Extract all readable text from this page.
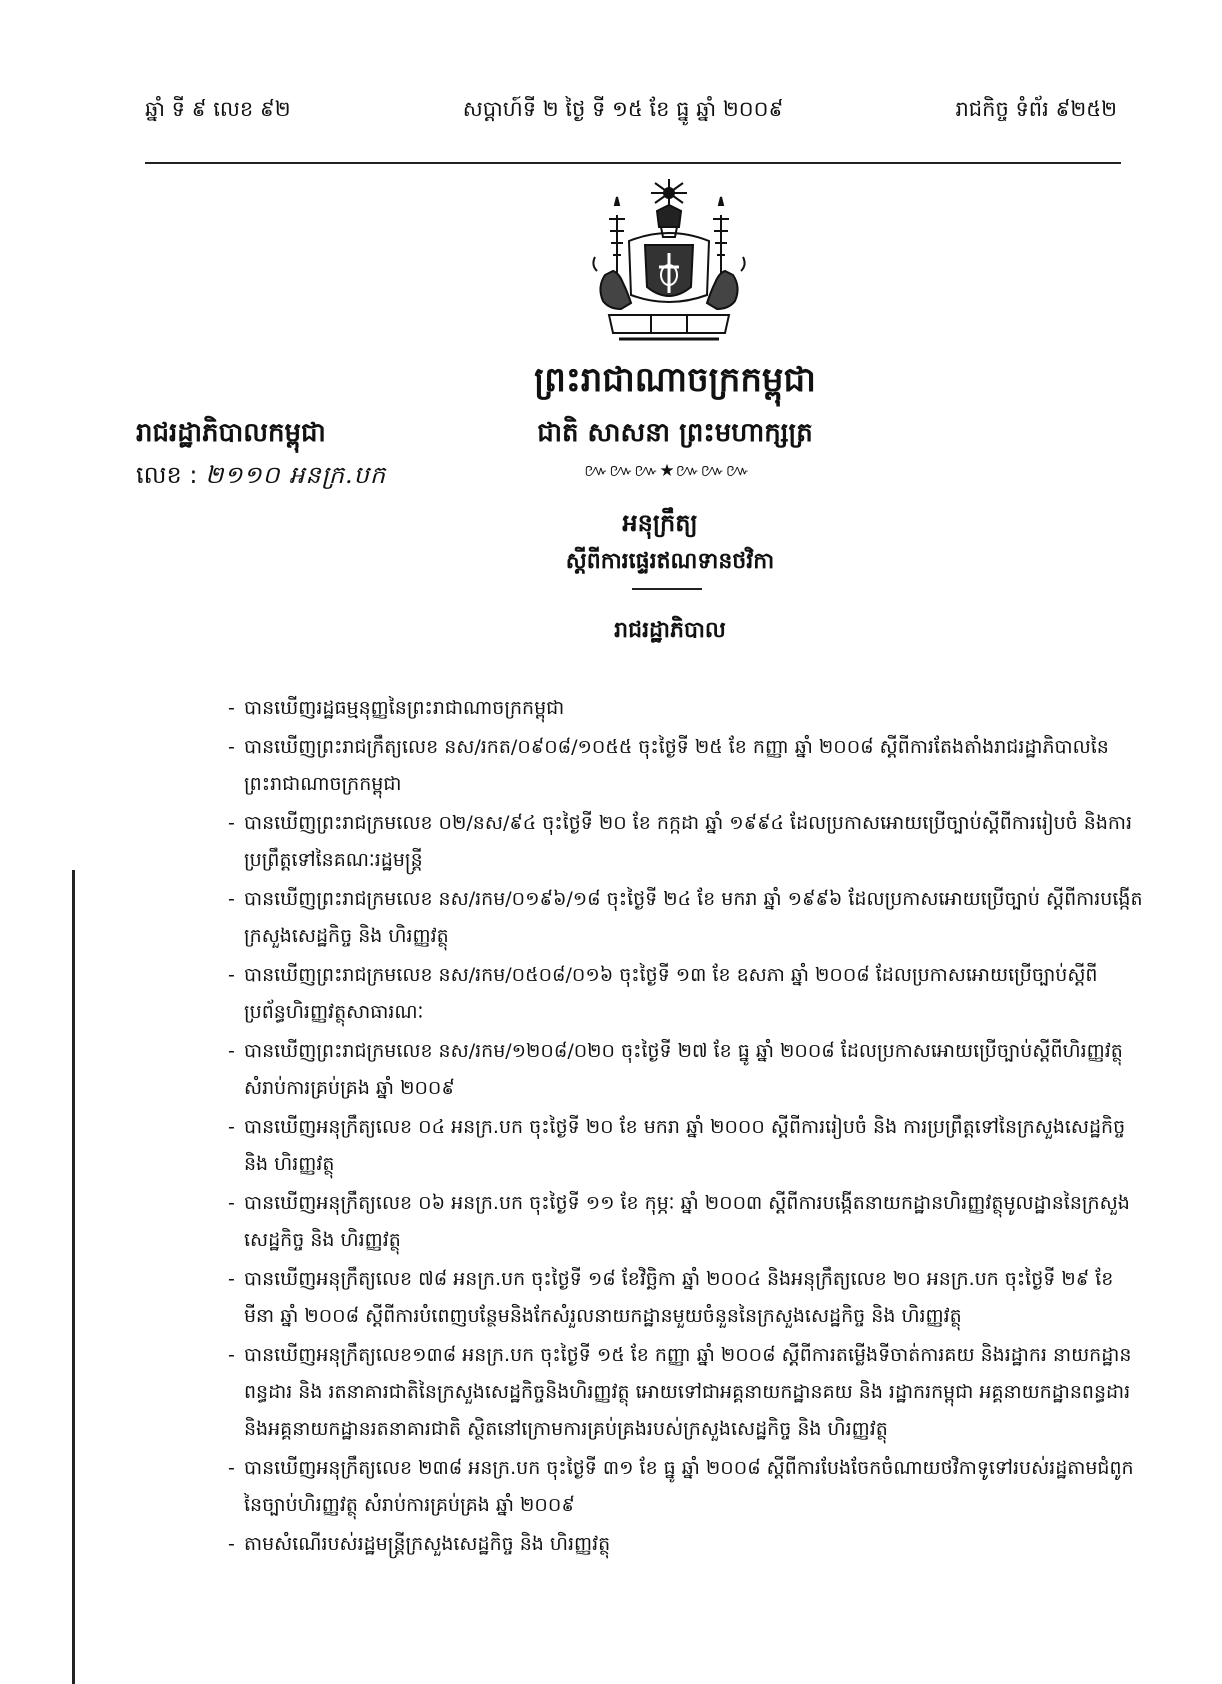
ឆ្នាំ ទី ៩ លេខ ៩២	សប្តាហ៍ទី ២ ថ្ងៃ ទី ១៥ ខែ ធ្នូ ឆ្នាំ ២០០៩	រាជកិច្ច ទំព័រ ៩២៥២
ព្រះរាជាណាចក្រកម្ពុជា
ជាតិ សាសនា ព្រះមហាក្សត្រ
៚៚៚★៚៚៚
រាជរដ្ឋាភិបាលកម្ពុជា
លេខ : ២១១០ អនក្រ.បក
អនុក្រឹត្យ
ស្តីពីការផ្ទេរឥណទានថវិកា
រាជរដ្ឋាភិបាល
- បានឃើញរដ្ឋធម្មនុញ្ញនៃព្រះរាជាណាចក្រកម្ពុជា
- បានឃើញព្រះរាជក្រឹត្យលេខ នស/រកត/០៩០៨/១០៥៥ ចុះថ្ងៃទី ២៥ ខែ កញ្ញា ឆ្នាំ ២០០៨ ស្តីពីការតែងតាំងរាជរដ្ឋាភិបាលនៃព្រះរាជាណាចក្រកម្ពុជា
- បានឃើញព្រះរាជក្រមលេខ ០២/នស/៩៤ ចុះថ្ងៃទី ២០ ខែ កក្កដា ឆ្នាំ ១៩៩៤ ដែលប្រកាសអោយប្រើច្បាប់ស្តីពីការរៀបចំ និងការប្រព្រឹត្តទៅនៃគណៈរដ្ឋមន្ត្រី
- បានឃើញព្រះរាជក្រមលេខ នស/រកម/០១៩៦/១៨ ចុះថ្ងៃទី ២៤ ខែ មករា ឆ្នាំ ១៩៩៦ ដែលប្រកាសអោយប្រើច្បាប់ ស្តីពីការបង្កើតក្រសួងសេដ្ឋកិច្ច និង ហិរញ្ញវត្ថុ
- បានឃើញព្រះរាជក្រមលេខ នស/រកម/០៥០៨/០១៦ ចុះថ្ងៃទី ១៣ ខែ ឧសភា ឆ្នាំ ២០០៨ ដែលប្រកាសអោយប្រើច្បាប់ស្តីពីប្រព័ន្ធហិរញ្ញវត្ថុសាធារណៈ
- បានឃើញព្រះរាជក្រមលេខ នស/រកម/១២០៨/០២០ ចុះថ្ងៃទី ២៧ ខែ ធ្នូ ឆ្នាំ ២០០៨ ដែលប្រកាសអោយប្រើច្បាប់ស្តីពីហិរញ្ញវត្ថុ សំរាប់ការគ្រប់គ្រង ឆ្នាំ ២០០៩
- បានឃើញអនុក្រឹត្យលេខ ០៤ អនក្រ.បក ចុះថ្ងៃទី ២០ ខែ មករា ឆ្នាំ ២០០០ ស្តីពីការរៀបចំ និង ការប្រព្រឹត្តទៅនៃក្រសួងសេដ្ឋកិច្ច និង ហិរញ្ញវត្ថុ
- បានឃើញអនុក្រឹត្យលេខ ០៦ អនក្រ.បក ចុះថ្ងៃទី ១១ ខែ កុម្ភៈ ឆ្នាំ ២០០៣ ស្តីពីការបង្កើតនាយកដ្ឋានហិរញ្ញវត្ថុមូលដ្ឋាននៃក្រសួងសេដ្ឋកិច្ច និង ហិរញ្ញវត្ថុ
- បានឃើញអនុក្រឹត្យលេខ ៧៨ អនក្រ.បក ចុះថ្ងៃទី ១៨ ខែវិច្ឆិកា ឆ្នាំ ២០០៤ និងអនុក្រឹត្យលេខ ២០ អនក្រ.បក ចុះថ្ងៃទី ២៩ ខែ មីនា ឆ្នាំ ២០០៨ ស្តីពីការបំពេញបន្ថែមនិងកែសំរួលនាយកដ្ឋានមួយចំនួននៃក្រសួងសេដ្ឋកិច្ច និង ហិរញ្ញវត្ថុ
- បានឃើញអនុក្រឹត្យលេខ១៣៨ អនក្រ.បក ចុះថ្ងៃទី ១៥ ខែ កញ្ញា ឆ្នាំ ២០០៨ ស្តីពីការតម្លើងទីចាត់ការគយ និងរដ្ឋាករ នាយកដ្ឋានពន្ធដារ និង រតនាគារជាតិនៃក្រសួងសេដ្ឋកិច្ចនិងហិរញ្ញវត្ថុ អោយទៅជាអគ្គនាយកដ្ឋានគយ និង រដ្ឋាករកម្ពុជា អគ្គនាយកដ្ឋានពន្ធដារ និងអគ្គនាយកដ្ឋានរតនាគារជាតិ ស្ថិតនៅក្រោមការគ្រប់គ្រងរបស់ក្រសួងសេដ្ឋកិច្ច និង ហិរញ្ញវត្ថុ
- បានឃើញអនុក្រឹត្យលេខ ២៣៨ អនក្រ.បក ចុះថ្ងៃទី ៣១ ខែ ធ្នូ ឆ្នាំ ២០០៨ ស្តីពីការបែងចែកចំណាយថវិកាទូទៅរបស់រដ្ឋតាមជំពូកនៃច្បាប់ហិរញ្ញវត្ថុ សំរាប់ការគ្រប់គ្រង ឆ្នាំ ២០០៩
- តាមសំណើរបស់រដ្ឋមន្ត្រីក្រសួងសេដ្ឋកិច្ច និង ហិរញ្ញវត្ថុ
